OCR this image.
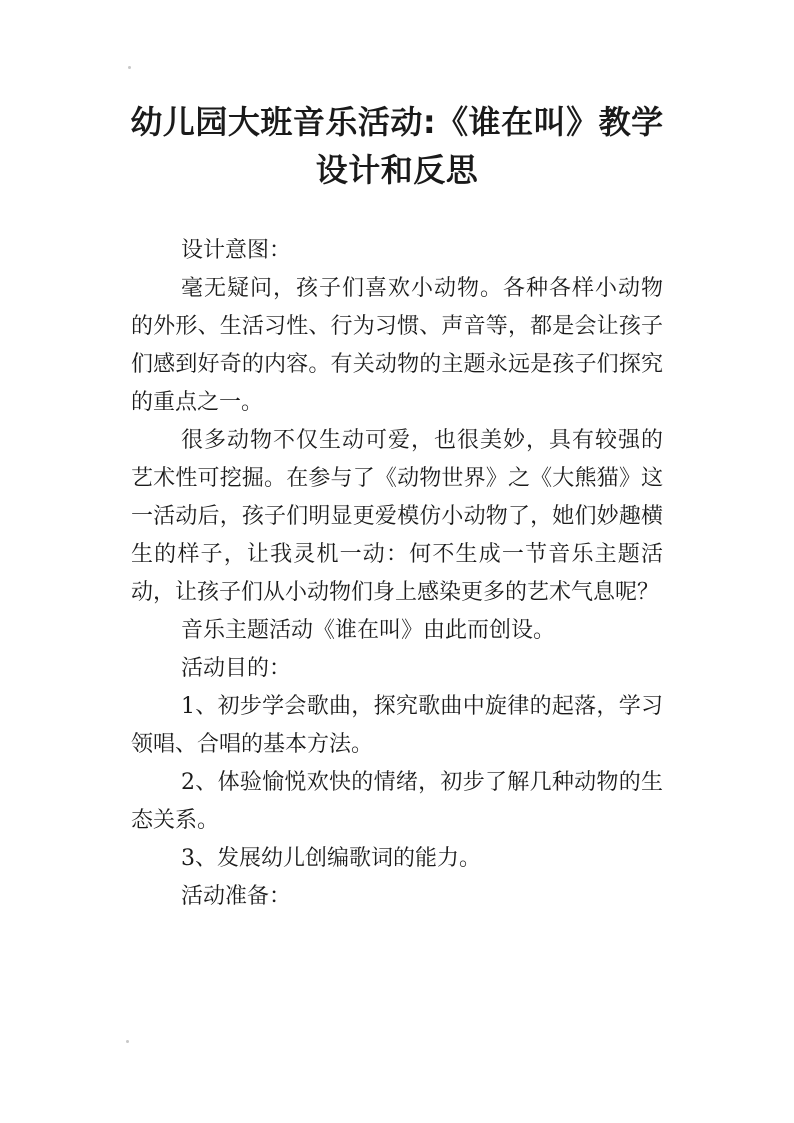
幼儿园大班音乐活动:《谁在叫》教学
设计和反思

设计意图：

毫无疑问，孩子们喜欢小动物。各种各样小动物的外形、生活习性、行为习惯、声音等，都是会让孩子们感到好奇的内容。有关动物的主题永远是孩子们探究的重点之一。

很多动物不仅生动可爱，也很美妙，具有较强的艺术性可挖掘。在参与了《动物世界》之《大熊猫》这一活动后，孩子们明显更爱模仿小动物了，她们妙趣横生的样子，让我灵机一动：何不生成一节音乐主题活动，让孩子们从小动物们身上感染更多的艺术气息呢？

音乐主题活动《谁在叫》由此而创设。

活动目的：

1、初步学会歌曲，探究歌曲中旋律的起落，学习领唱、合唱的基本方法。

2、体验愉悦欢快的情绪，初步了解几种动物的生态关系。

3、发展幼儿创编歌词的能力。

活动准备：
